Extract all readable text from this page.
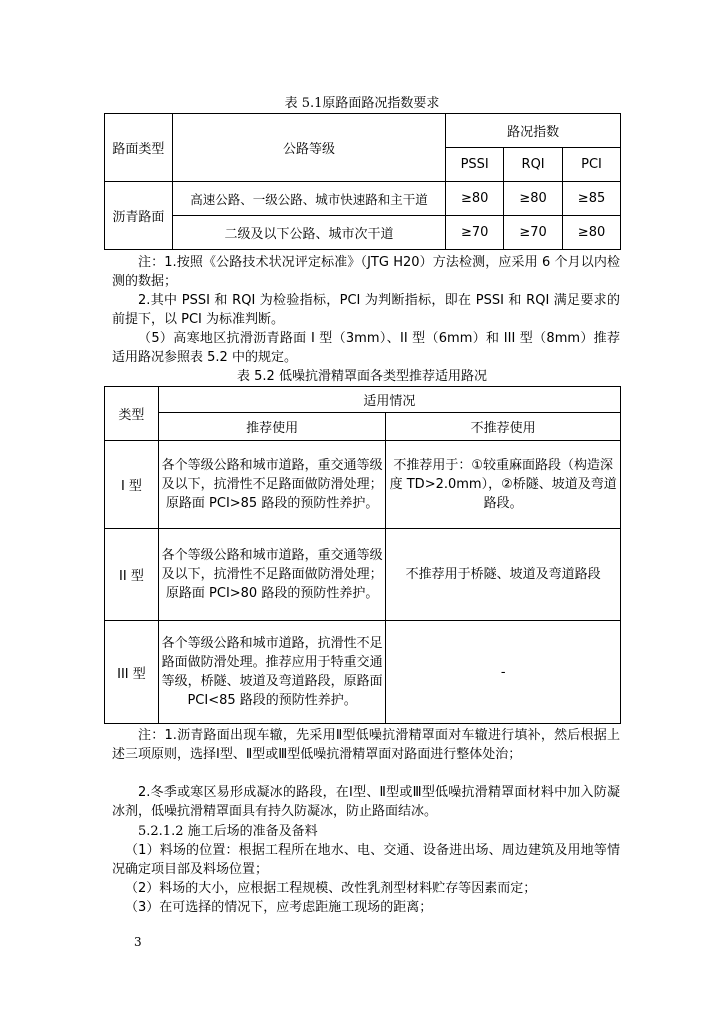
表 5.1原路面路况指数要求
路面类型	公路等级	路况指数		
		PSSI	RQI	PCI
沥青路面	高速公路、一级公路、城市快速路和主干道	≥80	≥80	≥85
	二级及以下公路、城市次干道	≥70	≥70	≥80

注：1.按照《公路技术状况评定标准》（JTG H20）方法检测，应采用 6 个月以内检测的数据；

2.其中 PSSI 和 RQI 为检验指标，PCI 为判断指标，即在 PSSI 和 RQI 满足要求的前提下，以 PCI 为标准判断。

（5）高寒地区抗滑沥青路面 I 型（3mm）、II 型（6mm）和 III 型（8mm）推荐适用路况参照表 5.2 中的规定。

表 5.2 低噪抗滑精罩面各类型推荐适用路况
类型	适用情况	
	推荐使用	不推荐使用
I 型	各个等级公路和城市道路，重交通等级及以下，抗滑性不足路面做防滑处理；原路面 PCI>85 路段的预防性养护。	不推荐用于：①较重麻面路段（构造深度 TD>2.0mm），②桥隧、坡道及弯道路段。
II 型	各个等级公路和城市道路，重交通等级及以下，抗滑性不足路面做防滑处理；原路面 PCI>80 路段的预防性养护。	不推荐用于桥隧、坡道及弯道路段
III 型	各个等级公路和城市道路，抗滑性不足路面做防滑处理。推荐应用于特重交通等级，桥隧、坡道及弯道路段，原路面 PCI<85 路段的预防性养护。	-

注：1.沥青路面出现车辙，先采用Ⅱ型低噪抗滑精罩面对车辙进行填补，然后根据上述三项原则，选择Ⅰ型、Ⅱ型或Ⅲ型低噪抗滑精罩面对路面进行整体处治；

2.冬季或寒区易形成凝冰的路段，在Ⅰ型、Ⅱ型或Ⅲ型低噪抗滑精罩面材料中加入防凝冰剂，低噪抗滑精罩面具有持久防凝冰，防止路面结冰。

5.2.1.2 施工后场的准备及备料

（1）料场的位置：根据工程所在地水、电、交通、设备进出场、周边建筑及用地等情况确定项目部及料场位置；

（2）料场的大小，应根据工程规模、改性乳剂型材料贮存等因素而定；

（3）在可选择的情况下，应考虑距施工现场的距离；

3
